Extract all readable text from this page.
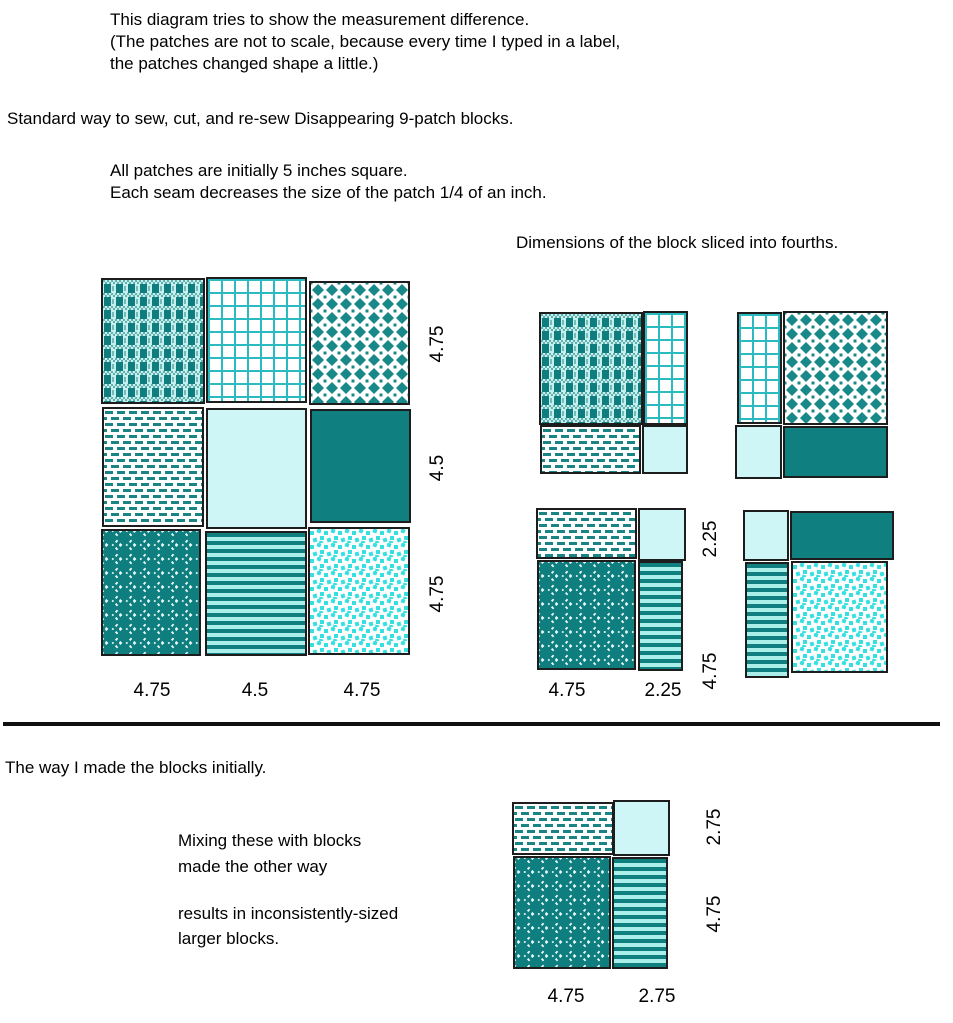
This diagram tries to show the measurement difference.
(The patches are not to scale, because every time I typed in a label,
the patches changed shape a little.)
Standard way to sew, cut, and re-sew Disappearing 9-patch blocks.
All patches are initially 5 inches square.
Each seam decreases the size of the patch 1/4 of an inch.
Dimensions of the block sliced into fourths.
4.75
4.5
4.75
4.75	4.5	4.75
2.25
4.75
4.75	2.25
The way I made the blocks initially.
Mixing these with blocks
made the other way
results in inconsistently-sized
larger blocks.
2.75
4.75
4.75	2.75
